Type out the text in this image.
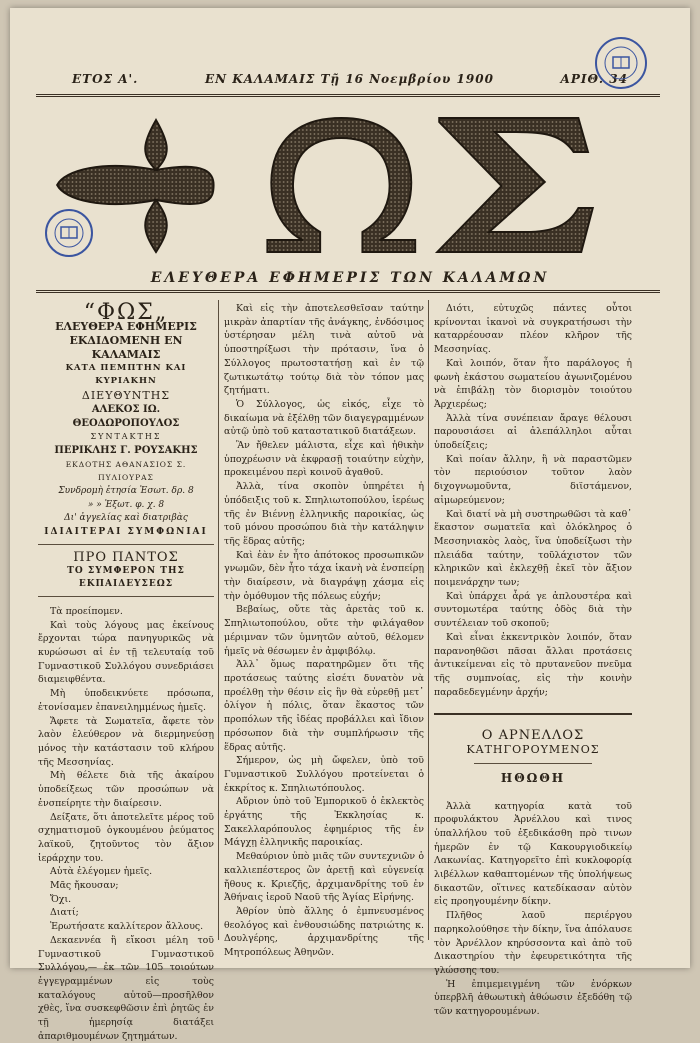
ΕΤΟΣ Α'.	ΕΝ ΚΑΛΑΜΑΙΣ Τῇ 16 Νοεμβρίου 1900	ΑΡΙΘ. 34
ΕΛΕΥΘΕΡΑ ΕΦΗΜΕΡΙΣ ΤΩΝ ΚΑΛΑΜΩΝ
“ΦΩΣ„
ΕΛΕΥΘΕΡΑ ΕΦΗΜΕΡΙΣ
ΕΚΔΙΔΟΜΕΝΗ ΕΝ ΚΑΛΑΜΑΙΣ
ΚΑΤΑ ΠΕΜΠΤΗΝ ΚΑΙ ΚΥΡΙΑΚΗΝ
ΔΙΕΥΘΥΝΤΗΣ
ΑΛΕΚΟΣ ΙΩ. ΘΕΟΔΩΡΟΠΟΥΛΟΣ
ΣΥΝΤΑΚΤΗΣ
ΠΕΡΙΚΛΗΣ Γ. ΡΟΥΣΑΚΗΣ
ΕΚΔΟΤΗΣ ΑΘΑΝΑΣΙΟΣ Σ. ΠΥΛΙΟΥΡΑΣ
Συνδρομὴ ἐτησία Ἐσωτ. δρ. 8
» » Ἐξωτ. φ. χ. 8
Δι' ἀγγελίας καὶ διατριβὰς
ΙΔΙΑΙΤΕΡΑΙ ΣΥΜΦΩΝΙΑΙ
ΠΡΟ ΠΑΝΤΟΣ
ΤΟ ΣΥΜΦΕΡΟΝ ΤΗΣ ΕΚΠΑΙΔΕΥΣΕΩΣ

Τὰ προείπομεν.

Καὶ τοὺς λόγους μας ἐκείνους ἔρχονται τώρα πανηγυρικῶς νὰ κυρώσωσι αἱ ἐν τῇ τελευταίᾳ τοῦ Γυμναστικοῦ Συλλόγου συνεδριάσει διαμειφθέντα.

Μὴ ὑποδεικνύετε πρόσωπα, ἐτονίσαμεν ἐπανειλημμένως ἡμεῖς.

Ἄφετε τὰ Σωματεῖα, ἄφετε τὸν λαὸν ἐλεύθερον νὰ διερμηνεύσῃ μόνος τὴν κατάστασιν τοῦ κλήρου τῆς Μεσσηνίας.

Μὴ θέλετε διὰ τῆς ἀκαίρου ὑποδείξεως τῶν προσώπων νὰ ἐνσπείρητε τὴν διαίρεσιν.

Δείξατε, ὅτι ἀποτελεῖτε μέρος τοῦ σχηματισμοῦ ὀγκουμένου ῥεύματος λαϊκοῦ, ζητοῦντος τὸν ἄξιον ἱεράρχην του.

Αὐτὰ ἐλέγομεν ἡμεῖς.

Μᾶς ἤκουσαν;

Ὄχι.

Διατί;

Ἐρωτήσατε καλλίτερον ἄλλους.

Δεκαεννέα ἢ εἴκοσι μέλη τοῦ Γυμναστικοῦ Γυμναστικοῦ Συλλόγου,— ἐκ τῶν 105 τοιούτων ἐγγεγραμμένων εἰς τοὺς καταλόγους αὐτοῦ—προσῆλθον χθὲς, ἵνα συσκεφθῶσιν ἐπὶ ῥητῶς ἐν τῇ ἡμερησίᾳ διατάξει ἀπαριθμουμένων ζητημάτων.

Καὶ εἰς τὴν ἀποτελεσθεῖσαν ταύτην μικρὰν ἀπαρτίαν τῆς ἀνάγκης, ἐνδόσιμος ὑστέρησαν μέλη τινὰ αὐτοῦ νὰ ὑποστηρίξωσι τὴν πρότασιν, ἵνα ὁ Σύλλογος πρωτοστατήσῃ καὶ ἐν τῷ ζωτικωτάτῳ τούτῳ διὰ τὸν τόπον μας ζητήματι.

Ὁ Σύλλογος, ὡς εἰκός, εἶχε τὸ δικαίωμα νὰ ἐξέλθῃ τῶν διαγεγραμμένων αὐτῷ ὑπὸ τοῦ καταστατικοῦ διατάξεων.

Ἂν ἤθελεν μάλιστα, εἶχε καὶ ἠθικὴν ὑποχρέωσιν νὰ ἐκφρασῇ τοιαύτην εὐχὴν, προκειμένου περὶ κοινοῦ ἀγαθοῦ.

Ἀλλὰ, τίνα σκοπὸν ὑπηρέτει ἡ ὑπόδειξις τοῦ κ. Σπηλιωτοπούλου, ἱερέως τῆς ἐν Βιέννῃ ἑλληνικῆς παροικίας, ὡς τοῦ μόνου προσώπου διὰ τὴν κατάληψιν τῆς ἕδρας αὐτῆς;

Καὶ ἐὰν ἐν ἦτο ἀπότοκος προσωπικῶν γνωμῶν, δὲν ἦτο τάχα ἱκανὴ νὰ ἐνσπείρῃ τὴν διαίρεσιν, νὰ διαγράψῃ χάσμα εἰς τὴν ὁμόθυμον τῆς πόλεως εὐχήν;

Βεβαίως, οὔτε τὰς ἀρετὰς τοῦ κ. Σπηλιωτοπούλου, οὔτε τὴν φιλάγαθον μέριμναν τῶν ὑμνητῶν αὐτοῦ, θέλομεν ἡμεῖς νὰ θέσωμεν ἐν ἀμφιβόλῳ.

Ἀλλ᾽ ὅμως παρατηρῶμεν ὅτι τῆς προτάσεως ταύτης εἰσέτι δυνατὸν νὰ προέλθῃ τὴν θέσιν εἰς ἣν θὰ εὑρεθῇ μετ᾽ ὀλίγον ἡ πόλις, ὅταν ἕκαστος τῶν προπόλων τῆς ἰδέας προβάλλει καὶ ἴδιον πρόσωπον διὰ τὴν συμπλήρωσιν τῆς ἕδρας αὐτῆς.

Σήμερον, ὡς μὴ ὤφελεν, ὑπὸ τοῦ Γυμναστικοῦ Συλλόγου προτείνεται ὁ ἐκκρίτος κ. Σπηλιωτόπουλος.

Αὔριον ὑπὸ τοῦ Ἐμπορικοῦ ὁ ἐκλεκτὸς ἐργάτης τῆς Ἐκκλησίας κ. Σακελλαρόπουλος ἐφημέριος τῆς ἐν Μάγχῃ ἑλληνικῆς παροικίας.

Μεθαύριον ὑπὸ μιᾶς τῶν συντεχνιῶν ὁ καλλιεπέστερος ὢν ἀρετῇ καὶ εὐγενείᾳ ἤθους κ. Κριεζῆς, ἀρχιμανδρίτης τοῦ ἐν Ἀθήναις ἱεροῦ Ναοῦ τῆς Ἁγίας Εἰρήνης.

Ἀθρίον ὑπὸ ἄλλης ὁ ἐμπνευσμένος θεολόγος καὶ ἐνθουσιώδης πατριώτης κ. Δουλγέρης, ἀρχιμανδρίτης τῆς Μητροπόλεως Ἀθηνῶν.

Διότι, εὐτυχῶς πάντες οὗτοι κρίνονται ἱκανοὶ νὰ συγκρατήσωσι τὴν καταρρέουσαν πλέον κλῆρον τῆς Μεσσηνίας.

Καὶ λοιπόν, ὅταν ἦτο παράλογος ἡ φωνὴ ἑκάστου σωματείου ἀγωνιζομένου νὰ ἐπιβάλῃ τὸν διορισμὸν τοιούτου Ἀρχιερέως;

Ἀλλὰ τίνα συνέπειαν ἄραγε θέλουσι παρουσιάσει αἱ ἀλεπάλληλοι αὗται ὑποδείξεις;

Καὶ ποίαν ἄλλην, ἢ νὰ παραστῶμεν τὸν περιούσιον τοῦτον λαὸν διχογνωμοῦντα, διϊστάμενον, αἰμωρεύμενον;

Καὶ διατί νὰ μὴ συστηρωθῶσι τὰ καθ᾽ ἕκαστον σωματεῖα καὶ ὁλόκληρος ὁ Μεσσηνιακὸς λαὸς, ἵνα ὑποδείξωσι τὴν πλειάδα ταύτην, τοῦλάχιστον τῶν κληρικῶν καὶ ἐκλεχθῇ ἐκεῖ τὸν ἄξιον ποιμενάρχην των;

Καὶ ὑπάρχει ἆρά γε ἁπλουστέρα καὶ συντομωτέρα ταύτης ὁδὸς διὰ τὴν συντέλειαν τοῦ σκοποῦ;

Καὶ εἶναι ἐκκεντρικὸν λοιπόν, ὅταν παρανοηθῶσι πᾶσαι ἄλλαι προτάσεις ἀντικείμεναι εἰς τὸ πρυτανεῦον πνεῦμα τῆς συμπνοίας, εἰς τὴν κοινὴν παραδεδεγμένην ἀρχήν;

Ο ΑΡΝΕΛΛΟΣ
ΚΑΤΗΓΟΡΟΥΜΕΝΟΣ
ΗΘΩΘΗ

Ἀλλὰ κατηγορία κατὰ τοῦ προφυλάκτου Ἀρνέλλου καὶ τινος ὑπαλλήλου τοῦ ἐξεδικάσθη πρὸ τινων ἡμερῶν ἐν τῷ Κακουργιοδικείῳ Λακωνίας. Κατηγορεῖτο ἐπὶ κυκλοφορίᾳ λιβέλλων καθαπτομένων τῆς ὑπολήψεως δικαστῶν, οἵτινες κατεδίκασαν αὐτὸν εἰς προηγουμένην δίκην.

Πλῆθος λαοῦ περιέργου παρηκολούθησε τὴν δίκην, ἵνα ἀπόλαυσε τὸν Ἀρνέλλον κηρύσσοντα καὶ ἀπὸ τοῦ Δικαστηρίου τὴν ἐφευρετικότητα τῆς γλώσσης του.

Ἡ ἐπιμεμειγμένη τῶν ἐνόρκων ὑπερβλῆ ἀθωωτικὴ ἀθώωσιν ἐξεδόθη τῷ τῶν κατηγορουμένων.
